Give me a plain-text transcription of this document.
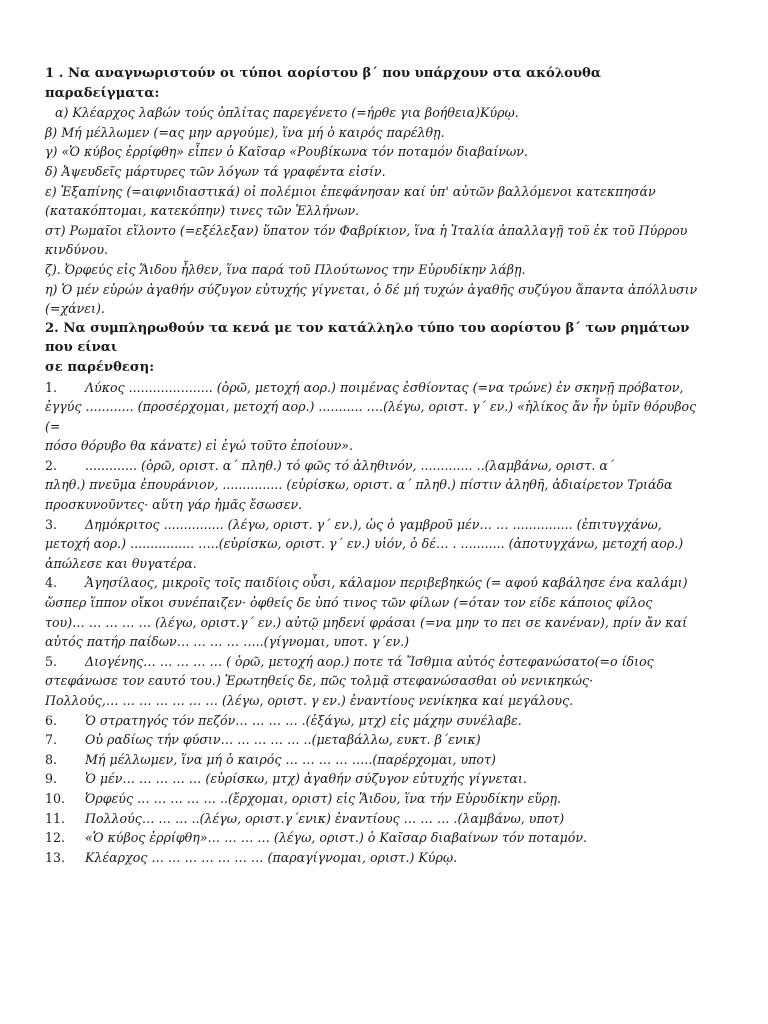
1 . Να αναγνωριστούν οι τύποι αορίστου β΄ που υπάρχουν στα ακόλουθα παραδείγματα:

α) Κλέαρχος λαβών τούς ὁπλίτας παρεγένετο (=ήρθε για βοήθεια)Κύρῳ.

β) Μή μέλλωμεν (=ας μην αργούμε), ἵνα μή ὁ καιρός παρέλθῃ.

γ) «Ὁ κύβος ἐρρίφθη» εἶπεν ὁ Καῖσαρ «Ρουβίκωνα τόν ποταμόν διαβαίνων.

δ) Ἀψευδεῖς μάρτυρες τῶν λόγων τά γραφέντα εἰσίν.

ε) Ἐξαπίνης (=αιφνιδιαστικά) οἱ πολέμιοι ἐπεφάνησαν καί ὑπ' αὐτῶν βαλλόμενοι κατεκπησάν

(κατακόπτομαι, κατεκόπην) τινες τῶν Ἑλλήνων.

στ) Ρωμαῖοι εἵλοντο (=εξέλεξαν) ὕπατον τόν Φαβρίκιον, ἵνα ἡ Ἰταλία ἀπαλλαγῇ τοῦ ἐκ τοῦ Πύρρου

κινδύνου.

ζ). Ὀρφεύς εἰς Ἅιδου ἦλθεν, ἵνα παρά τοῦ Πλούτωνος την Εὐρυδίκην λάβῃ.

η) Ὁ μέν εὑρών ἀγαθήν σύζυγον εὐτυχής γίγνεται, ὁ δέ μή τυχών ἀγαθῆς συζύγου ἅπαντα ἀπόλλυσιν

(=χάνει).

2. Να συμπληρωθούν τα κενά με τον κατάλληλο τύπο του αορίστου β΄ των ρημάτων που είναι

σε παρένθεση:

1. Λύκος ..................... (ὁρῶ, μετοχή αορ.) ποιμένας ἐσθίοντας (=να τρώνε) ἐν σκηνῇ πρόβατον,

ἐγγύς ............ (προσέρχομαι, μετοχή αορ.) ........... ….(λέγω, οριστ. γ΄ εν.) «ἡλίκος ἄν ἦν ὑμῖν θόρυβος (=

πόσο θόρυβο θα κάνατε) εἰ ἐγώ τοῦτο ἐποίουν».

2. ............. (ὁρῶ, οριστ. α΄ πληθ.) τό φῶς τό ἀληθινόν, ............. ..(λαμβάνω, οριστ. α΄

πληθ.) πνεῦμα ἐπουράνιον, ............... (εὑρίσκω, οριστ. α΄ πληθ.) πίστιν ἀληθῆ, ἀδιαίρετον Τριάδα

προσκυνοῦντες· αὕτη γάρ ἡμᾶς ἔσωσεν.

3. Δημόκριτος ............... (λέγω, οριστ. γ΄ εν.), ὡς ὁ γαμβροῦ μέν… … ............... (ἐπιτυγχάνω,

μετοχή αορ.) ................ …..(εὑρίσκω, οριστ. γ΄ εν.) υἱόν, ὁ δέ… . ........... (ἀποτυγχάνω, μετοχή αορ.)

ἀπώλεσε και θυγατέρα.

4. Ἀγησίλαος, μικροῖς τοῖς παιδίοις οὖσι, κάλαμον περιβεβηκώς (= αφού καβάλησε ένα καλάμι)

ὥσπερ ἵππον οἴκοι συνέπαιζεν· ὀφθείς δε ὑπό τινος τῶν φίλων (=όταν τον είδε κάποιος φίλος

του)… … … … … (λέγω, οριστ.γ΄ εν.) αὐτῷ μηδενί φράσαι (=να μην το πει σε κανέναν), πρίν ἄν καί

αὐτός πατήρ παίδων… … … … …..(γίγνομαι, υποτ. γ΄εν.)

5. Διογένης… … … … … ( ὁρῶ, μετοχή αορ.) ποτε τά Ἴσθμια αὐτός ἐστεφανώσατο(=ο ίδιος

στεφάνωσε τον εαυτό του.) Ἐρωτηθείς δε, πῶς τολμᾷ στεφανώσασθαι οὐ νενικηκώς·

Πολλούς,… … … … … … … (λέγω, οριστ. γ εν.) ἐναντίους νενίκηκα καί μεγάλους.

6. Ὁ στρατηγός τόν πεζόν… … … … .(ἐξάγω, μτχ) εἰς μάχην συνέλαβε.

7. Οὐ ραδίως τήν φύσιν… … … … … ..(μεταβάλλω, ευκτ. β΄ενικ)

8. Μή μέλλωμεν, ἵνα μή ὁ καιρός … … … … …..(παρέρχομαι, υποτ)

9. Ὁ μέν… … … … … (εὑρίσκω, μτχ) ἀγαθήν σύζυγον εὐτυχής γίγνεται.

10. Ὀρφεύς … … … … … ..(ἔρχομαι, οριστ) εἰς Ἅιδου, ἵνα τήν Εὐρυδίκην εὕρῃ.

11. Πολλούς… … … ..(λέγω, οριστ.γ΄ενικ) ἐναντίους … … … .(λαμβάνω, υποτ)

12. «Ὁ κύβος ἐρρίφθη»… … … … (λέγω, οριστ.) ὁ Καῖσαρ διαβαίνων τόν ποταμόν.

13. Κλέαρχος … … … … … … … (παραγίγνομαι, οριστ.) Κύρῳ.
